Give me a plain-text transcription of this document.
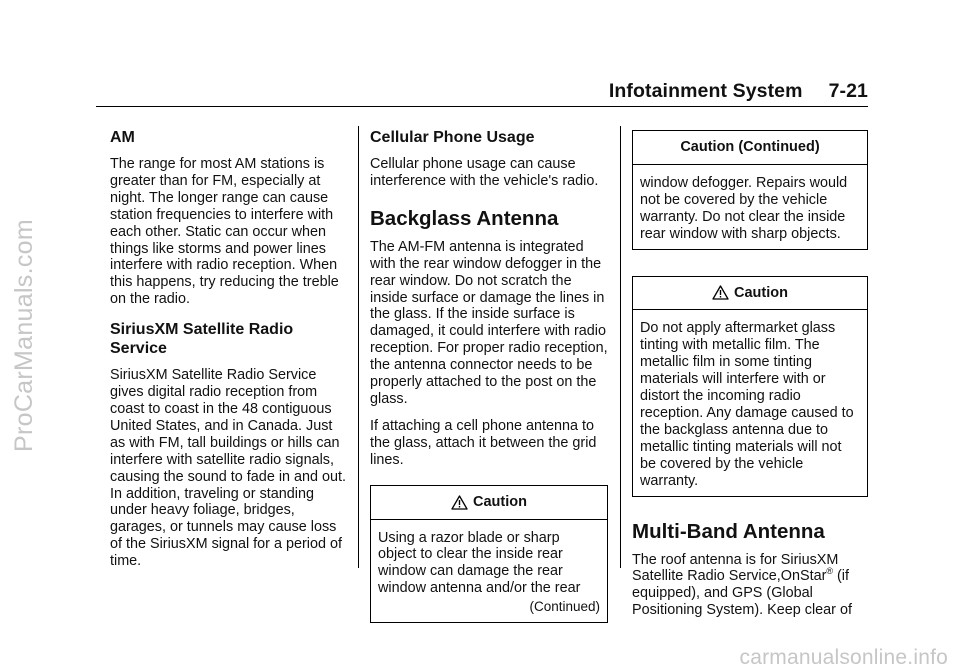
ProCarManuals.com
Infotainment System 7-21
AM

The range for most AM stations is greater than for FM, especially at night. The longer range can cause station frequencies to interfere with each other. Static can occur when things like storms and power lines interfere with radio reception. When this happens, try reducing the treble on the radio.

SiriusXM Satellite Radio Service

SiriusXM Satellite Radio Service gives digital radio reception from coast to coast in the 48 contiguous United States, and in Canada. Just as with FM, tall buildings or hills can interfere with satellite radio signals, causing the sound to fade in and out. In addition, traveling or standing under heavy foliage, bridges, garages, or tunnels may cause loss of the SiriusXM signal for a period of time.

Cellular Phone Usage

Cellular phone usage can cause interference with the vehicle's radio.

Backglass Antenna

The AM-FM antenna is integrated with the rear window defogger in the rear window. Do not scratch the inside surface or damage the lines in the glass. If the inside surface is damaged, it could interfere with radio reception. For proper radio reception, the antenna connector needs to be properly attached to the post on the glass.

If attaching a cell phone antenna to the glass, attach it between the grid lines.

Caution

Using a razor blade or sharp object to clear the inside rear window can damage the rear window antenna and/or the rear

(Continued)
Caution (Continued)

window defogger. Repairs would not be covered by the vehicle warranty. Do not clear the inside rear window with sharp objects.

Caution

Do not apply aftermarket glass tinting with metallic film. The metallic film in some tinting materials will interfere with or distort the incoming radio reception. Any damage caused to the backglass antenna due to metallic tinting materials will not be covered by the vehicle warranty.

Multi-Band Antenna

The roof antenna is for SiriusXM Satellite Radio Service,OnStar® (if equipped), and GPS (Global Positioning System). Keep clear of

carmanualsonline.info
